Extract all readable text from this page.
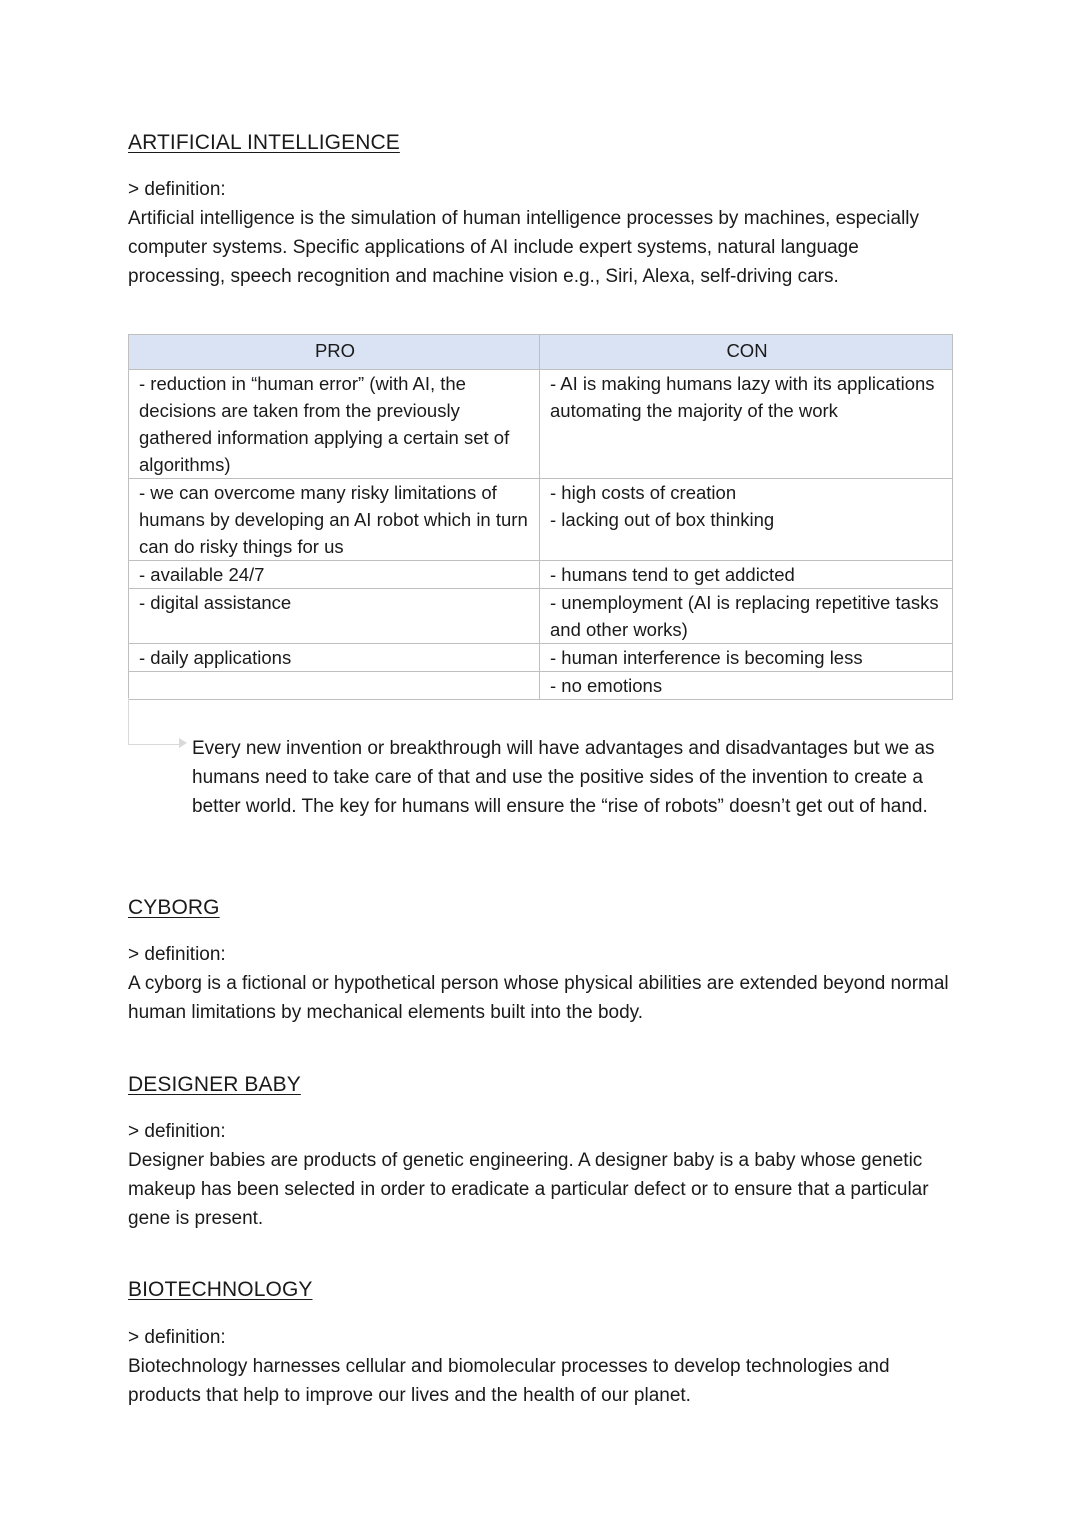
ARTIFICIAL INTELLIGENCE
> definition:
Artificial intelligence is the simulation of human intelligence processes by machines, especially computer systems. Specific applications of AI include expert systems, natural language processing, speech recognition and machine vision e.g., Siri, Alexa, self-driving cars.
CYBORG
> definition:
A cyborg is a fictional or hypothetical person whose physical abilities are extended beyond normal human limitations by mechanical elements built into the body.
DESIGNER BABY
> definition:
Designer babies are products of genetic engineering. A designer baby is a baby whose genetic makeup has been selected in order to eradicate a particular defect or to ensure that a particular gene is present.
BIOTECHNOLOGY
> definition:
Biotechnology harnesses cellular and biomolecular processes to develop technologies and products that help to improve our lives and the health of our planet.
PRO	CON

- reduction in “human error” (with AI, the decisions are taken from the previously gathered information applying a certain set of algorithms)	- AI is making humans lazy with its applications automating the majority of the work

- we can overcome many risky limitations of humans by developing an AI robot which in turn can do risky things for us	- high costs of creation
- lacking out of box thinking

- available 24/7	- humans tend to get addicted

- digital assistance	- unemployment (AI is replacing repetitive tasks and other works)

- daily applications	- human interference is becoming less

	- no emotions
Every new invention or breakthrough will have advantages and disadvantages but we as humans need to take care of that and use the positive sides of the invention to create a better world. The key for humans will ensure the “rise of robots” doesn’t get out of hand.
